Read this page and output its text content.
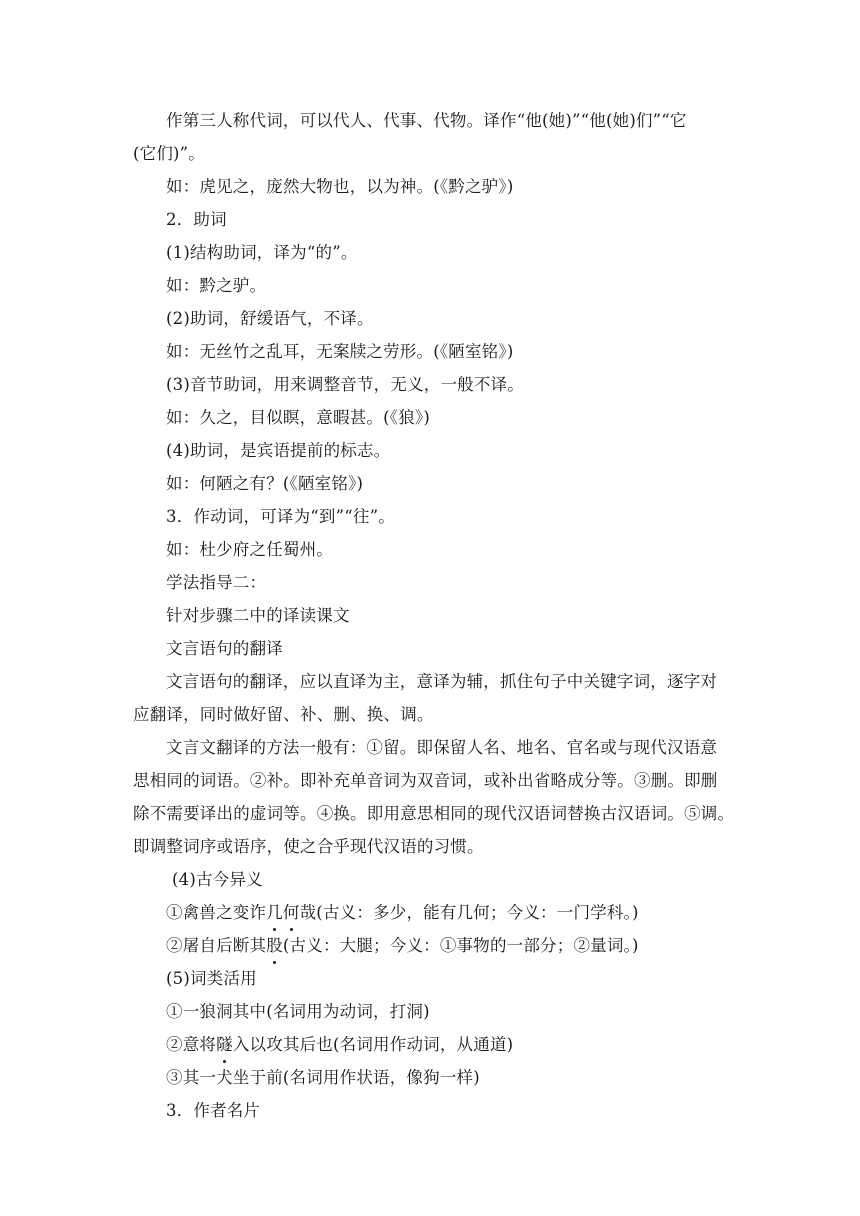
作第三人称代词，可以代人、代事、代物。译作“他(她)”“他(她)们”“它
(它们)”。
如：虎见之，庞然大物也，以为神。(《黔之驴》)
2．助词
(1)结构助词，译为“的”。
如：黔之驴。
(2)助词，舒缓语气，不译。
如：无丝竹之乱耳，无案牍之劳形。(《陋室铭》)
(3)音节助词，用来调整音节，无义，一般不译。
如：久之，目似瞑，意暇甚。(《狼》)
(4)助词，是宾语提前的标志。
如：何陋之有？(《陋室铭》)
3．作动词，可译为“到”“往”。
如：杜少府之任蜀州。
学法指导二：
针对步骤二中的译读课文
文言语句的翻译
文言语句的翻译，应以直译为主，意译为辅，抓住句子中关键字词，逐字对
应翻译，同时做好留、补、删、换、调。
文言文翻译的方法一般有：①留。即保留人名、地名、官名或与现代汉语意
思相同的词语。②补。即补充单音词为双音词，或补出省略成分等。③删。即删
除不需要译出的虚词等。④换。即用意思相同的现代汉语词替换古汉语词。⑤调。
即调整词序或语序，使之合乎现代汉语的习惯。
(4)古今异义
①禽兽之变诈几何哉(古义：多少，能有几何；今义：一门学科。)
②屠自后断其股(古义：大腿；今义：①事物的一部分；②量词。)
(5)词类活用
①一狼洞其中(名词用为动词，打洞)
②意将隧入以攻其后也(名词用作动词，从通道)
③其一犬坐于前(名词用作状语，像狗一样)
3．作者名片
